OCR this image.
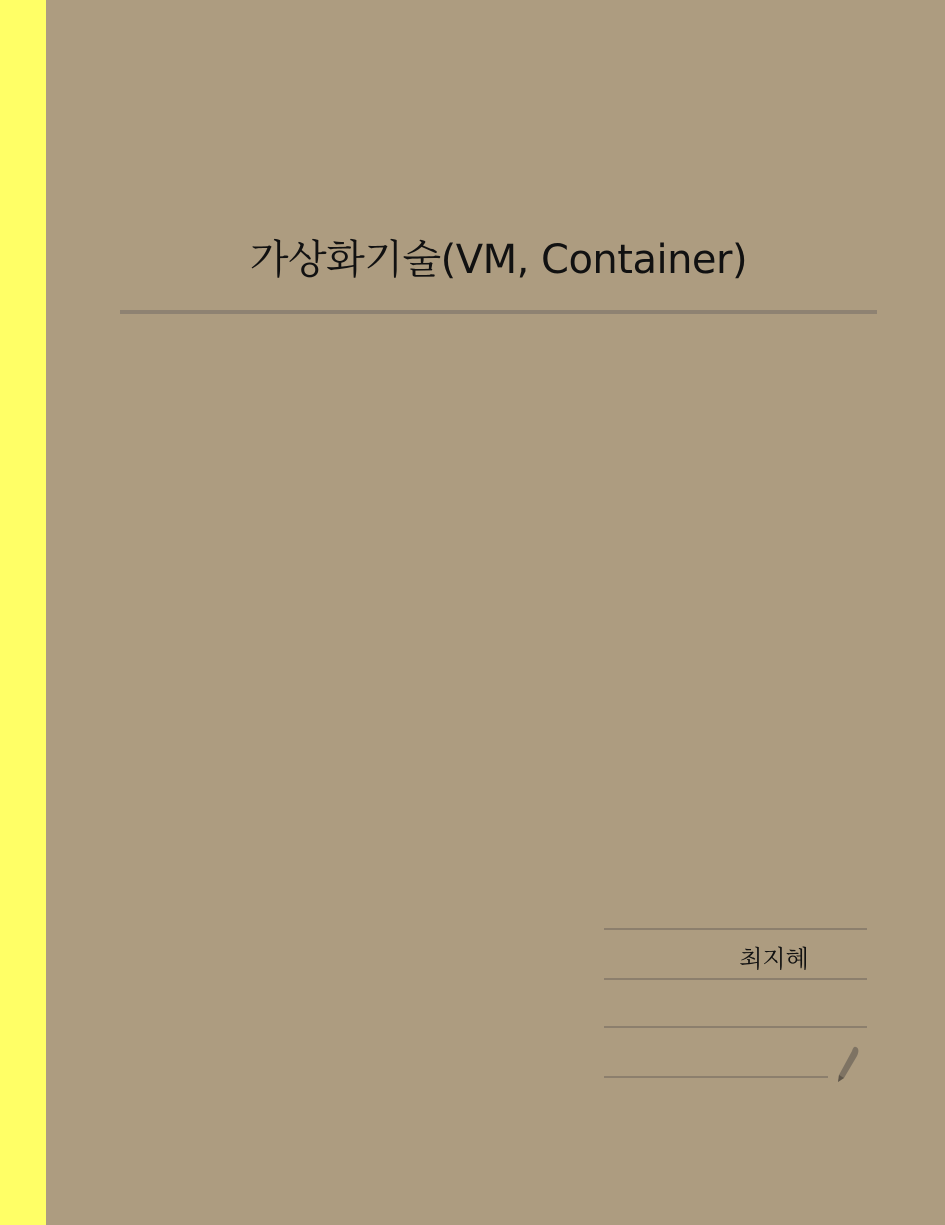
가상화기술(VM, Container)
최지혜
